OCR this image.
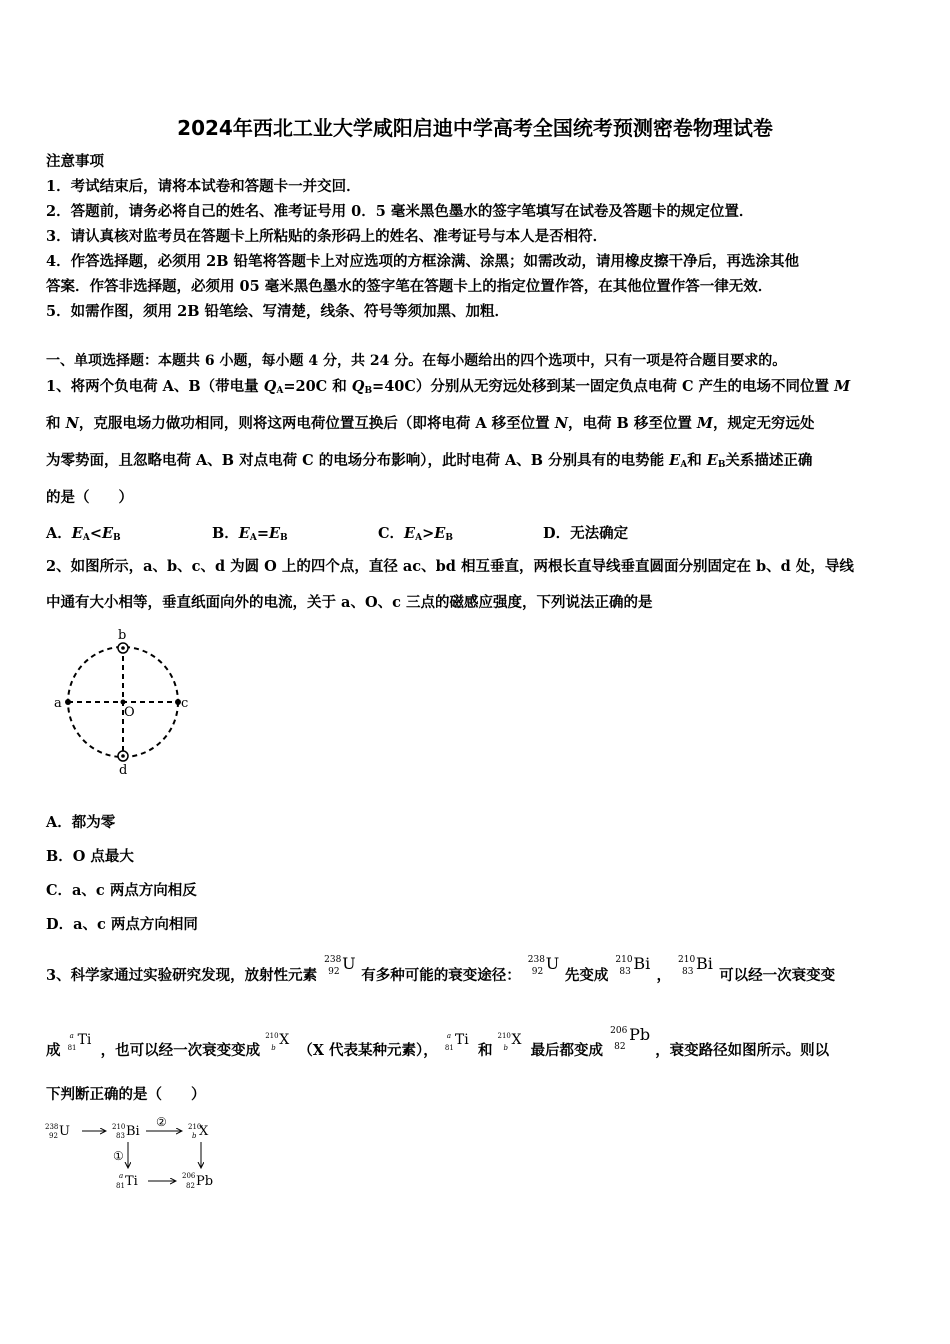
2024年西北工业大学咸阳启迪中学高考全国统考预测密卷物理试卷
注意事项
1．考试结束后，请将本试卷和答题卡一并交回．
2．答题前，请务必将自己的姓名、准考证号用 0．5 毫米黑色墨水的签字笔填写在试卷及答题卡的规定位置．
3．请认真核对监考员在答题卡上所粘贴的条形码上的姓名、准考证号与本人是否相符．
4．作答选择题，必须用 2B 铅笔将答题卡上对应选项的方框涂满、涂黑；如需改动，请用橡皮擦干净后，再选涂其他
答案．作答非选择题，必须用 05 毫米黑色墨水的签字笔在答题卡上的指定位置作答，在其他位置作答一律无效．
5．如需作图，须用 2B 铅笔绘、写清楚，线条、符号等须加黑、加粗．
一、单项选择题：本题共 6 小题，每小题 4 分，共 24 分。在每小题给出的四个选项中，只有一项是符合题目要求的。
1、将两个负电荷 A、B（带电量 $Q_A=20C$ 和 $Q_B=40C$）分别从无穷远处移到某一固定负点电荷 C 产生的电场不同位置 M
和 N，克服电场力做功相同，则将这两电荷位置互换后（即将电荷 A 移至位置 N，电荷 B 移至位置 M，规定无穷远处
为零势面，且忽略电荷 A、B 对点电荷 C 的电场分布影响），此时电荷 A、B 分别具有的电势能 $E_A$和 $E_B$关系描述正确
的是（　　）
A．$E_A<E_B$	B．$E_A=E_B$	C．$E_A>E_B$	D．无法确定
2、如图所示，a、b、c、d 为圆 O 上的四个点，直径 ac、bd 相互垂直，两根长直导线垂直圆面分别固定在 b、d 处，导线
中通有大小相等，垂直纸面向外的电流，关于 a、O、c 三点的磁感应强度，下列说法正确的是
a
b
c
d
O
A．都为零
B．O 点最大
C．a、c 两点方向相反
D．a、c 两点方向相同
3、科学家通过实验研究发现，放射性元素
238
92 U
有多种可能的衰变途径：
238
92 U
先变成
210
83 Bi
，
210
83 Bi
可以经一次衰变变
成
a
81 Ti
，也可以经一次衰变变成
210
b X
（X 代表某种元素），
a
81 Ti
和
210
b X
最后都变成
206
82
Pb
，衰变路径如图所示。则以
下判断正确的是（　　）
238
92 U	210
83 Bi
②	210
b X
①
a
81 Ti	206
82 Pb
